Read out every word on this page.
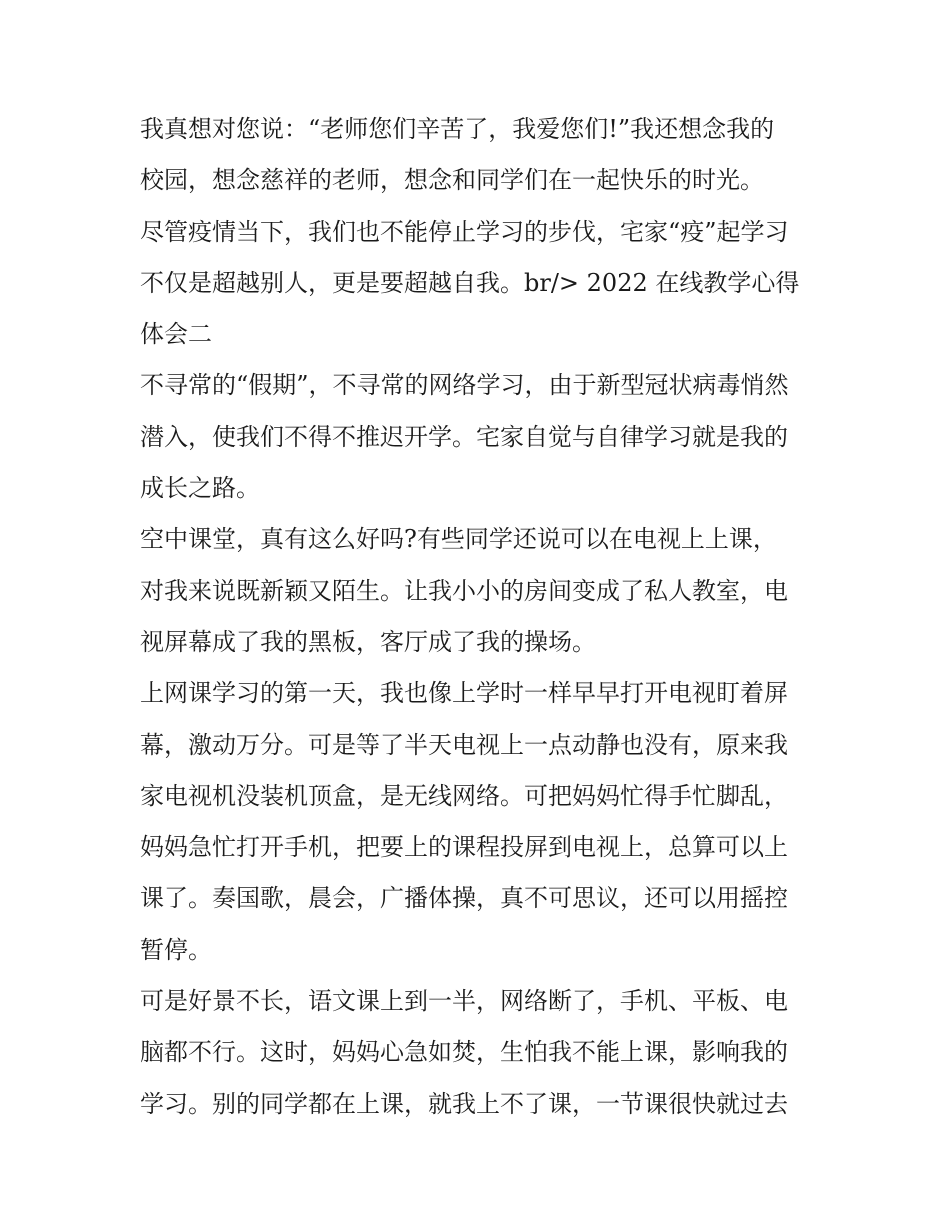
我真想对您说：“老师您们辛苦了，我爱您们!”我还想念我的
校园，想念慈祥的老师，想念和同学们在一起快乐的时光。
尽管疫情当下，我们也不能停止学习的步伐，宅家“疫”起学习
不仅是超越别人，更是要超越自我。br/> 2022 在线教学心得
体会二
不寻常的“假期”，不寻常的网络学习，由于新型冠状病毒悄然
潜入，使我们不得不推迟开学。宅家自觉与自律学习就是我的
成长之路。
空中课堂，真有这么好吗?有些同学还说可以在电视上上课，
对我来说既新颖又陌生。让我小小的房间变成了私人教室，电
视屏幕成了我的黑板，客厅成了我的操场。
上网课学习的第一天，我也像上学时一样早早打开电视盯着屏
幕，激动万分。可是等了半天电视上一点动静也没有，原来我
家电视机没装机顶盒，是无线网络。可把妈妈忙得手忙脚乱，
妈妈急忙打开手机，把要上的课程投屏到电视上，总算可以上
课了。奏国歌，晨会，广播体操，真不可思议，还可以用摇控
暂停。
可是好景不长，语文课上到一半，网络断了，手机、平板、电
脑都不行。这时，妈妈心急如焚，生怕我不能上课，影响我的
学习。别的同学都在上课，就我上不了课，一节课很快就过去
